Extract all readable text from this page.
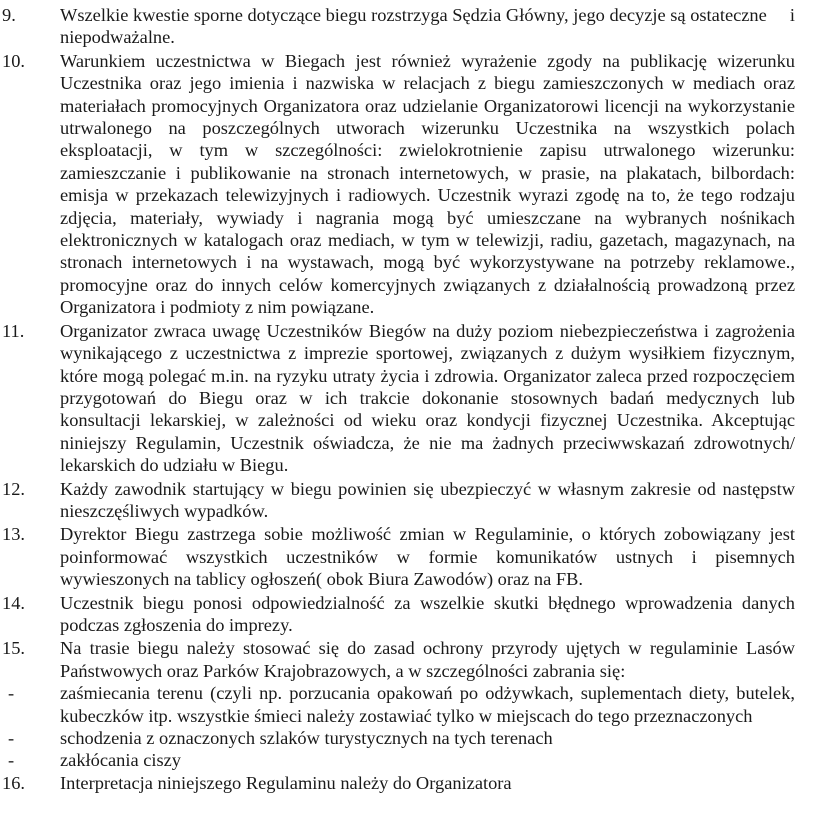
9.	Wszelkie kwestie sporne dotyczące biegu rozstrzyga Sędzia Główny, jego decyzje są ostateczne     i niepodważalne.
10.	Warunkiem uczestnictwa w Biegach jest również wyrażenie zgody na publikację wizerunku Uczestnika oraz jego imienia i nazwiska w relacjach z biegu zamieszczonych w mediach oraz materiałach promocyjnych Organizatora oraz udzielanie Organizatorowi licencji na wykorzystanie utrwalonego na poszczególnych utworach wizerunku Uczestnika na wszystkich polach eksploatacji, w tym w szczególności: zwielokrotnienie zapisu utrwalonego wizerunku: zamieszczanie i publikowanie na stronach internetowych, w prasie, na plakatach, bilbordach: emisja w przekazach telewizyjnych i radiowych. Uczestnik wyrazi zgodę na to, że tego rodzaju zdjęcia, materiały, wywiady i nagrania mogą być umieszczane na wybranych nośnikach elektronicznych w katalogach oraz mediach, w tym w telewizji, radiu, gazetach, magazynach, na stronach internetowych i na wystawach, mogą być wykorzystywane na potrzeby reklamowe., promocyjne oraz do innych celów komercyjnych związanych z działalnością prowadzoną przez Organizatora i podmioty z nim powiązane.
11.	Organizator zwraca uwagę Uczestników Biegów na duży poziom niebezpieczeństwa i zagrożenia wynikającego z uczestnictwa z imprezie sportowej, związanych z dużym wysiłkiem fizycznym, które mogą polegać m.in. na ryzyku utraty życia i zdrowia. Organizator zaleca przed rozpoczęciem przygotowań do Biegu oraz w ich trakcie dokonanie stosownych badań medycznych lub konsultacji lekarskiej, w zależności od wieku oraz kondycji fizycznej Uczestnika. Akceptując niniejszy Regulamin, Uczestnik oświadcza, że nie ma żadnych przeciwwskazań zdrowotnych/ lekarskich do udziału w Biegu.
12.	Każdy zawodnik startujący w biegu powinien się ubezpieczyć w własnym zakresie od następstw nieszczęśliwych wypadków.
13.	Dyrektor Biegu zastrzega sobie możliwość zmian w Regulaminie, o których zobowiązany jest poinformować wszystkich uczestników w formie komunikatów ustnych i pisemnych wywieszonych na tablicy ogłoszeń( obok Biura Zawodów) oraz na FB.
14.	Uczestnik biegu ponosi odpowiedzialność za wszelkie skutki błędnego wprowadzenia danych podczas zgłoszenia do imprezy.
15.	Na trasie biegu należy stosować się do zasad ochrony przyrody ujętych w regulaminie Lasów Państwowych oraz Parków Krajobrazowych, a w szczególności zabrania się:
- zaśmiecania terenu (czyli np. porzucania opakowań po odżywkach, suplementach diety, butelek, kubeczków itp. wszystkie śmieci należy zostawiać tylko w miejscach do tego przeznaczonych
- schodzenia z oznaczonych szlaków turystycznych na tych terenach
- zakłócania ciszy
16.	Interpretacja niniejszego Regulaminu należy do Organizatora
